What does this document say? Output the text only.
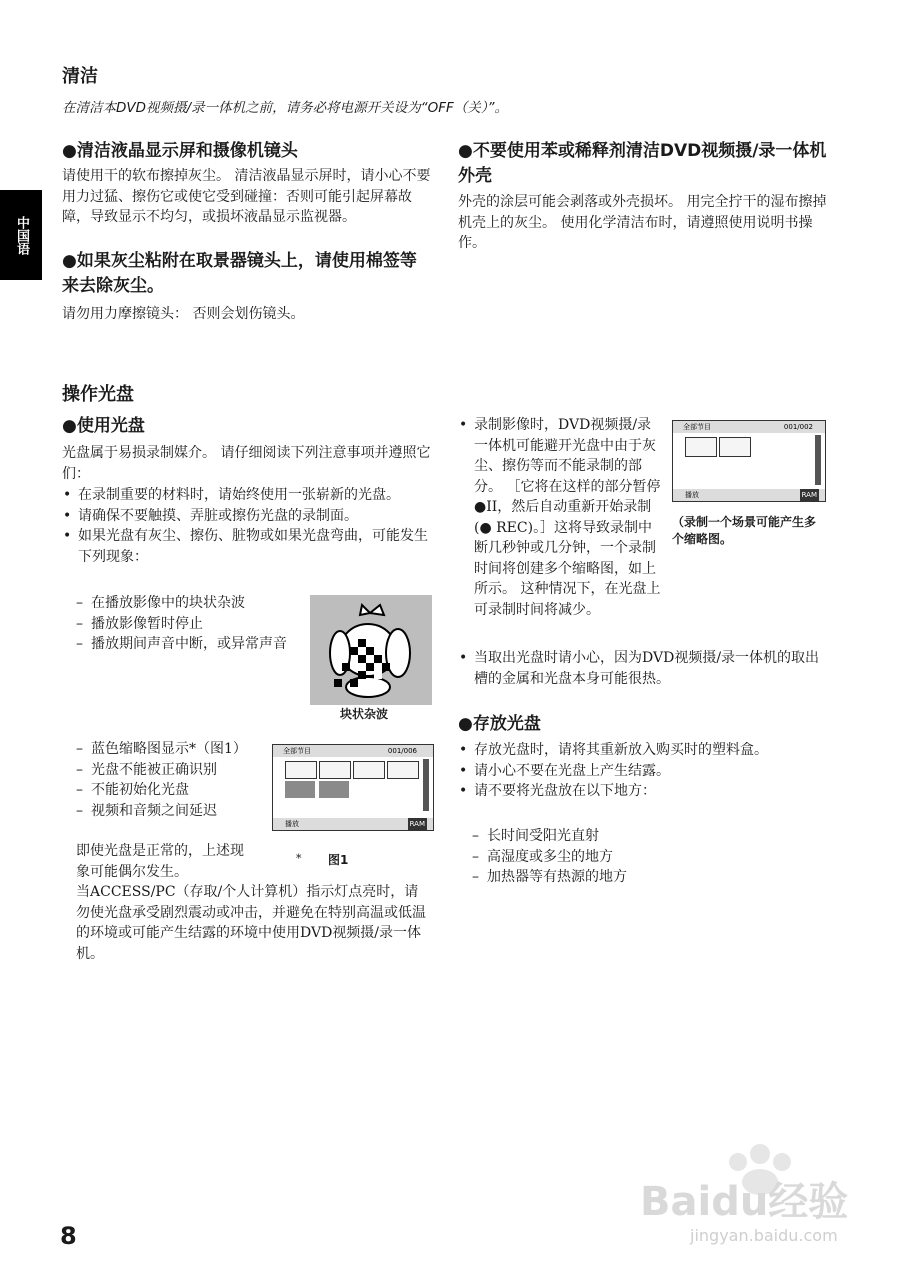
中国语
清洁
在清洁本DVD视频摄/录一体机之前，请务必将电源开关设为“OFF（关）”。
●清洁液晶显示屏和摄像机镜头
请使用干的软布擦掉灰尘。 清洁液晶显示屏时，请小心不要用力过猛、擦伤它或使它受到碰撞：否则可能引起屏幕故障，导致显示不均匀，或损坏液晶显示监视器。
●如果灰尘粘附在取景器镜头上，请使用棉签等来去除灰尘。
请勿用力摩擦镜头： 否则会划伤镜头。
●不要使用苯或稀释剂清洁DVD视频摄/录一体机外壳
外壳的涂层可能会剥落或外壳损坏。 用完全拧干的湿布擦掉机壳上的灰尘。 使用化学清洁布时，请遵照使用说明书操作。
操作光盘
●使用光盘
光盘属于易损录制媒介。 请仔细阅读下列注意事项并遵照它们：
• 在录制重要的材料时，请始终使用一张崭新的光盘。
• 请确保不要触摸、弄脏或擦伤光盘的录制面。
• 如果光盘有灰尘、擦伤、脏物或如果光盘弯曲，可能发生下列现象：
– 在播放影像中的块状杂波
– 播放影像暂时停止
– 播放期间声音中断，或异常声音
块状杂波
– 蓝色缩略图显示*（图1）
– 光盘不能被正确识别
– 不能初始化光盘
– 视频和音频之间延迟
即使光盘是正常的，上述现象可能偶尔发生。
当ACCESS/PC（存取/个人计算机）指示灯点亮时，请勿使光盘承受剧烈震动或冲击，并避免在特别高温或低温的环境或可能产生结露的环境中使用DVD视频摄/录一体机。
全部节目	001/006
播放	RAM
* 图1
• 录制影像时，DVD视频摄/录一体机可能避开光盘中由于灰尘、擦伤等而不能录制的部分。 ［它将在这样的部分暂停●II，然后自动重新开始录制(● REC)。］这将导致录制中断几秒钟或几分钟，一个录制时间将创建多个缩略图，如上所示。 这种情况下，在光盘上可录制时间将减少。
全部节目	001/002
播放	RAM
（录制一个场景可能产生多个缩略图。
• 当取出光盘时请小心，因为DVD视频摄/录一体机的取出槽的金属和光盘本身可能很热。
●存放光盘
• 存放光盘时，请将其重新放入购买时的塑料盒。
• 请小心不要在光盘上产生结露。
• 请不要将光盘放在以下地方：
– 长时间受阳光直射
– 高湿度或多尘的地方
– 加热器等有热源的地方
Baidu经验
jingyan.baidu.com
8
